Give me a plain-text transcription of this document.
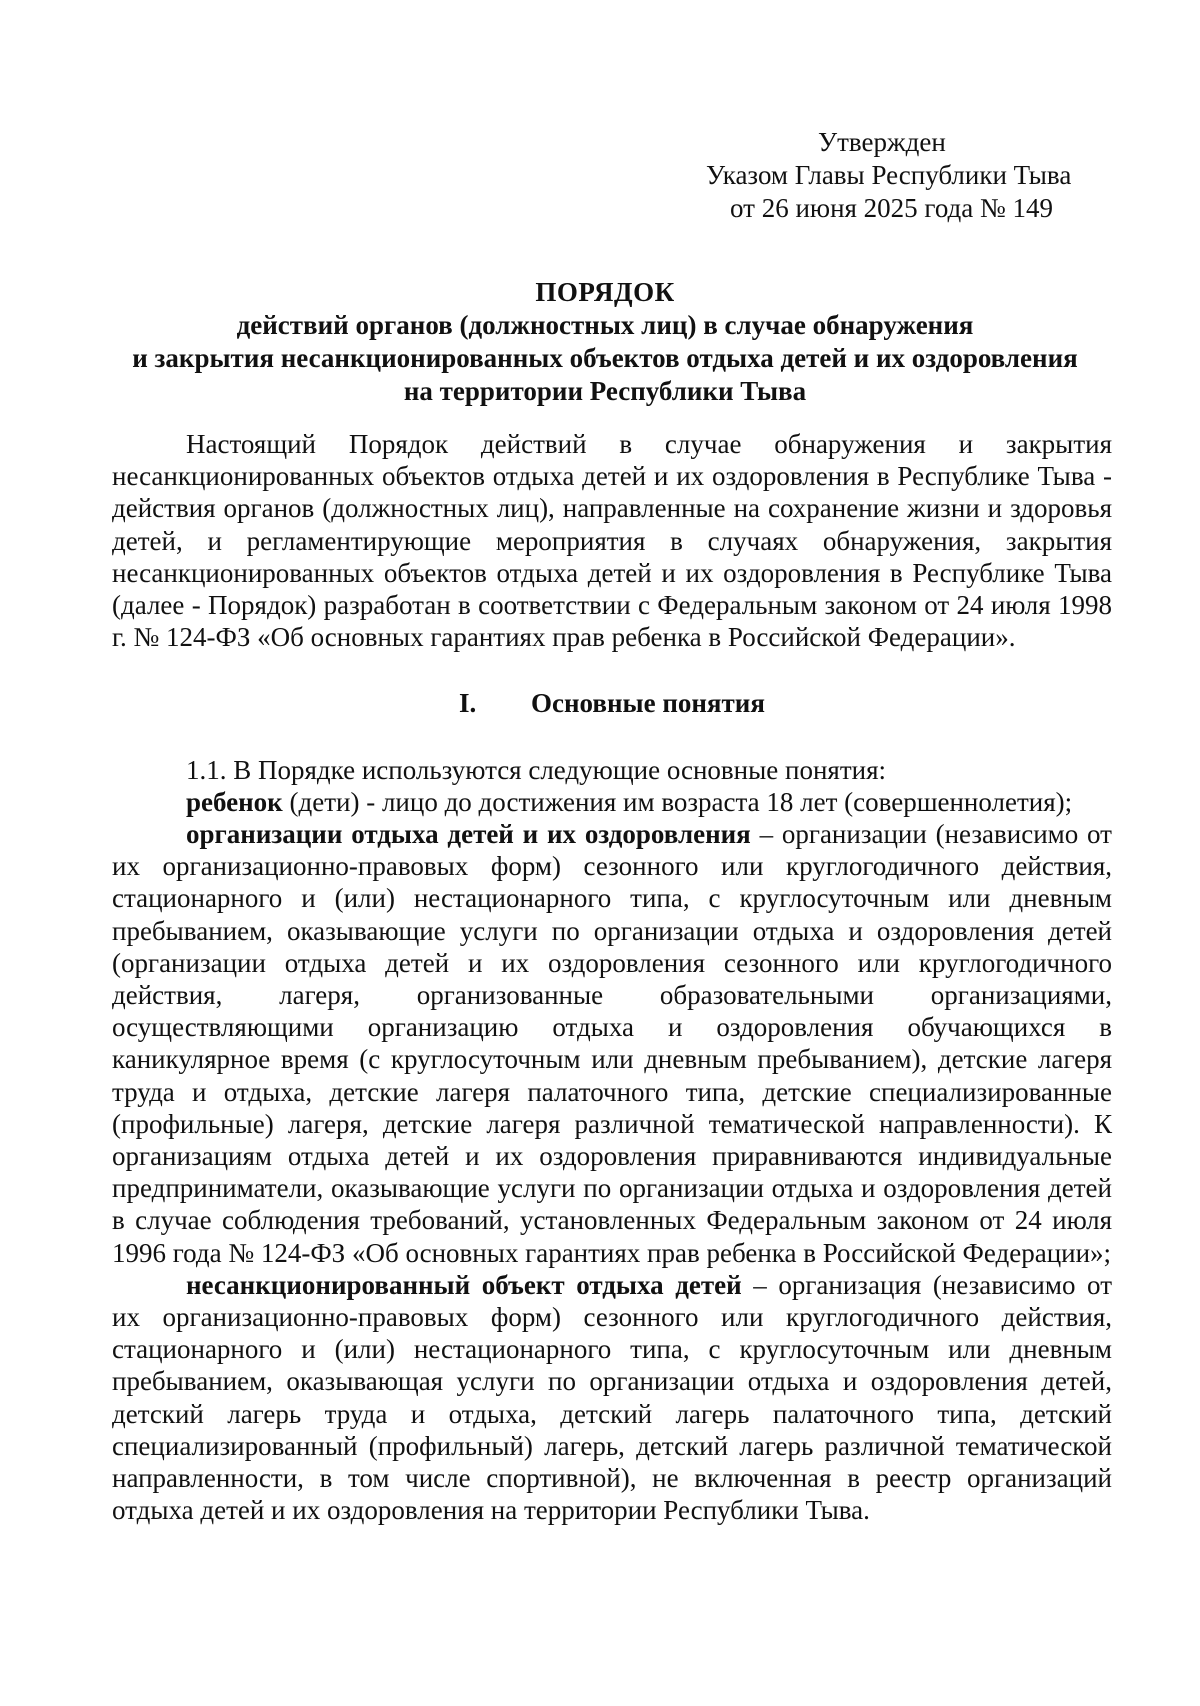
Утвержден
Указом Главы Республики Тыва
от 26 июня 2025 года № 149
ПОРЯДОК
действий органов (должностных лиц) в случае обнаружения
и закрытия несанкционированных объектов отдыха детей и их оздоровления
на территории Республики Тыва

Настоящий Порядок действий в случае обнаружения и закрытия несанкционированных объектов отдыха детей и их оздоровления в Республике Тыва - действия органов (должностных лиц), направленные на сохранение жизни и здоровья детей, и регламентирующие мероприятия в случаях обнаружения, закрытия несанкционированных объектов отдыха детей и их оздоровления в Республике Тыва (далее - Порядок) разработан в соответствии с Федеральным законом от 24 июля 1998 г. № 124-ФЗ «Об основных гарантиях прав ребенка в Российской Федерации».

I. Основные понятия

1.1. В Порядке используются следующие основные понятия:

ребенок (дети) - лицо до достижения им возраста 18 лет (совершеннолетия);

организации отдыха детей и их оздоровления – организации (независимо от их организационно-правовых форм) сезонного или круглогодичного действия, стационарного и (или) нестационарного типа, с круглосуточным или дневным пребыванием, оказывающие услуги по организации отдыха и оздоровления детей (организации отдыха детей и их оздоровления сезонного или круглогодичного действия, лагеря, организованные образовательными организациями, осуществляющими организацию отдыха и оздоровления обучающихся в каникулярное время (с круглосуточным или дневным пребыванием), детские лагеря труда и отдыха, детские лагеря палаточного типа, детские специализированные (профильные) лагеря, детские лагеря различной тематической направленности). К организациям отдыха детей и их оздоровления приравниваются индивидуальные предприниматели, оказывающие услуги по организации отдыха и оздоровления детей в случае соблюдения требований, установленных Федеральным законом от 24 июля 1996 года № 124-ФЗ «Об основных гарантиях прав ребенка в Российской Федерации»;

несанкционированный объект отдыха детей – организация (независимо от их организационно-правовых форм) сезонного или круглогодичного действия, стационарного и (или) нестационарного типа, с круглосуточным или дневным пребыванием, оказывающая услуги по организации отдыха и оздоровления детей, детский лагерь труда и отдыха, детский лагерь палаточного типа, детский специализированный (профильный) лагерь, детский лагерь различной тематической направленности, в том числе спортивной), не включенная в реестр организаций отдыха детей и их оздоровления на территории Республики Тыва.
